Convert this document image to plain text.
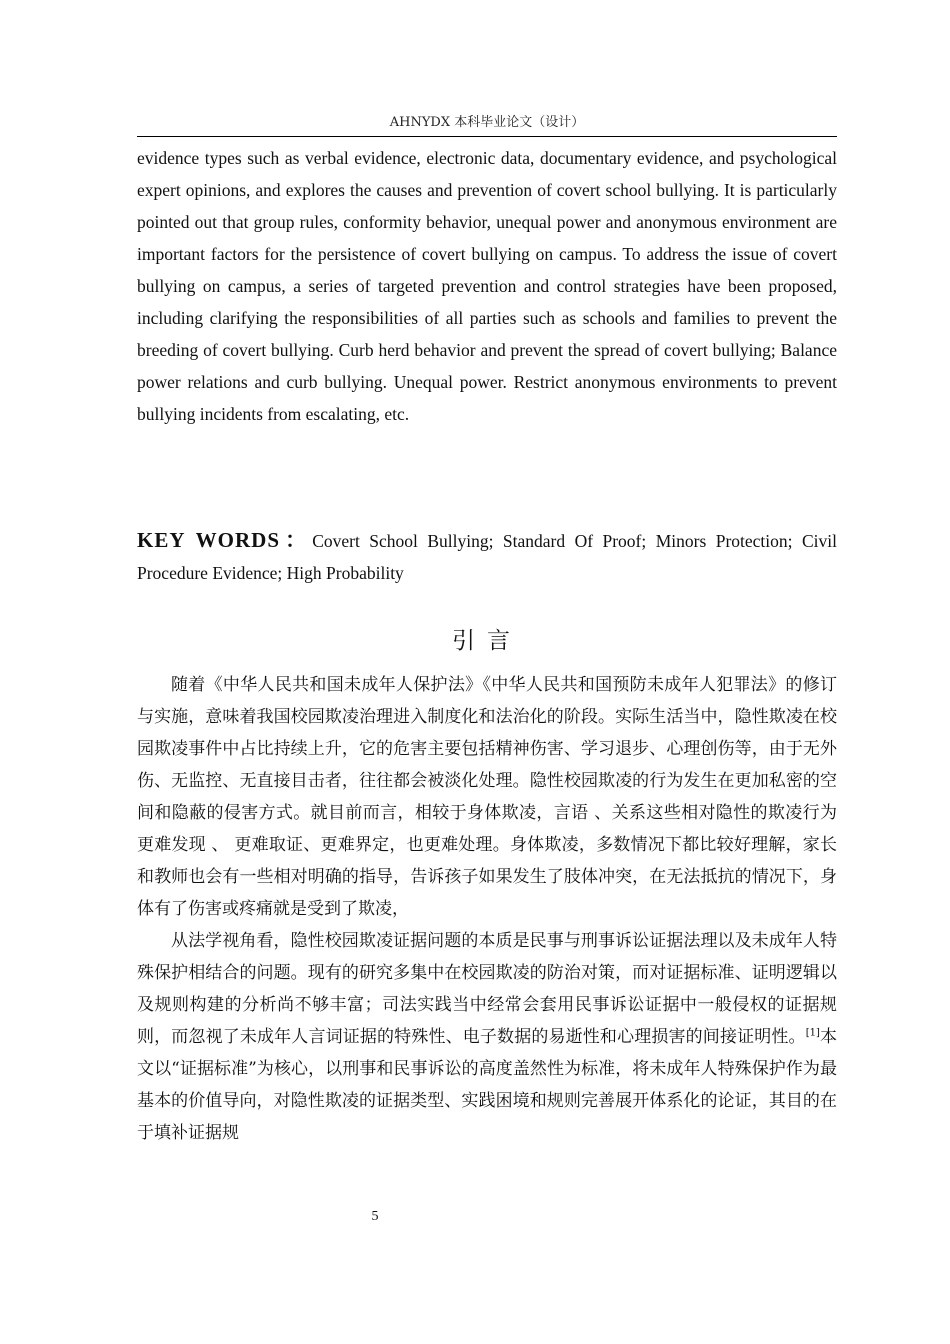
AHNYDX 本科毕业论文（设计）

evidence types such as verbal evidence, electronic data, documentary evidence, and psychological expert opinions, and explores the causes and prevention of covert school bullying. It is particularly pointed out that group rules, conformity behavior, unequal power and anonymous environment are important factors for the persistence of covert bullying on campus. To address the issue of covert bullying on campus, a series of targeted prevention and control strategies have been proposed, including clarifying the responsibilities of all parties such as schools and families to prevent the breeding of covert bullying. Curb herd behavior and prevent the spread of covert bullying; Balance power relations and curb bullying. Unequal power. Restrict anonymous environments to prevent bullying incidents from escalating, etc.

KEY WORDS：Covert School Bullying; Standard Of Proof; Minors Protection; Civil Procedure Evidence; High Probability

引言

随着《中华人民共和国未成年人保护法》《中华人民共和国预防未成年人犯罪法》的修订与实施，意味着我国校园欺凌治理进入制度化和法治化的阶段。实际生活当中，隐性欺凌在校园欺凌事件中占比持续上升，它的危害主要包括精神伤害、学习退步、心理创伤等，由于无外伤、无监控、无直接目击者，往往都会被淡化处理。隐性校园欺凌的行为发生在更加私密的空间和隐蔽的侵害方式。就目前而言，相较于身体欺凌，言语 、关系这些相对隐性的欺凌行为更难发现 、 更难取证、更难界定，也更难处理。身体欺凌，多数情况下都比较好理解，家长和教师也会有一些相对明确的指导，告诉孩子如果发生了肢体冲突，在无法抵抗的情况下，身体有了伤害或疼痛就是受到了欺凌，

从法学视角看，隐性校园欺凌证据问题的本质是民事与刑事诉讼证据法理以及未成年人特殊保护相结合的问题。现有的研究多集中在校园欺凌的防治对策，而对证据标准、证明逻辑以及规则构建的分析尚不够丰富；司法实践当中经常会套用民事诉讼证据中一般侵权的证据规则，而忽视了未成年人言词证据的特殊性、电子数据的易逝性和心理损害的间接证明性。[1]本文以“证据标准”为核心，以刑事和民事诉讼的高度盖然性为标准，将未成年人特殊保护作为最基本的价值导向，对隐性欺凌的证据类型、实践困境和规则完善展开体系化的论证，其目的在于填补证据规

5
